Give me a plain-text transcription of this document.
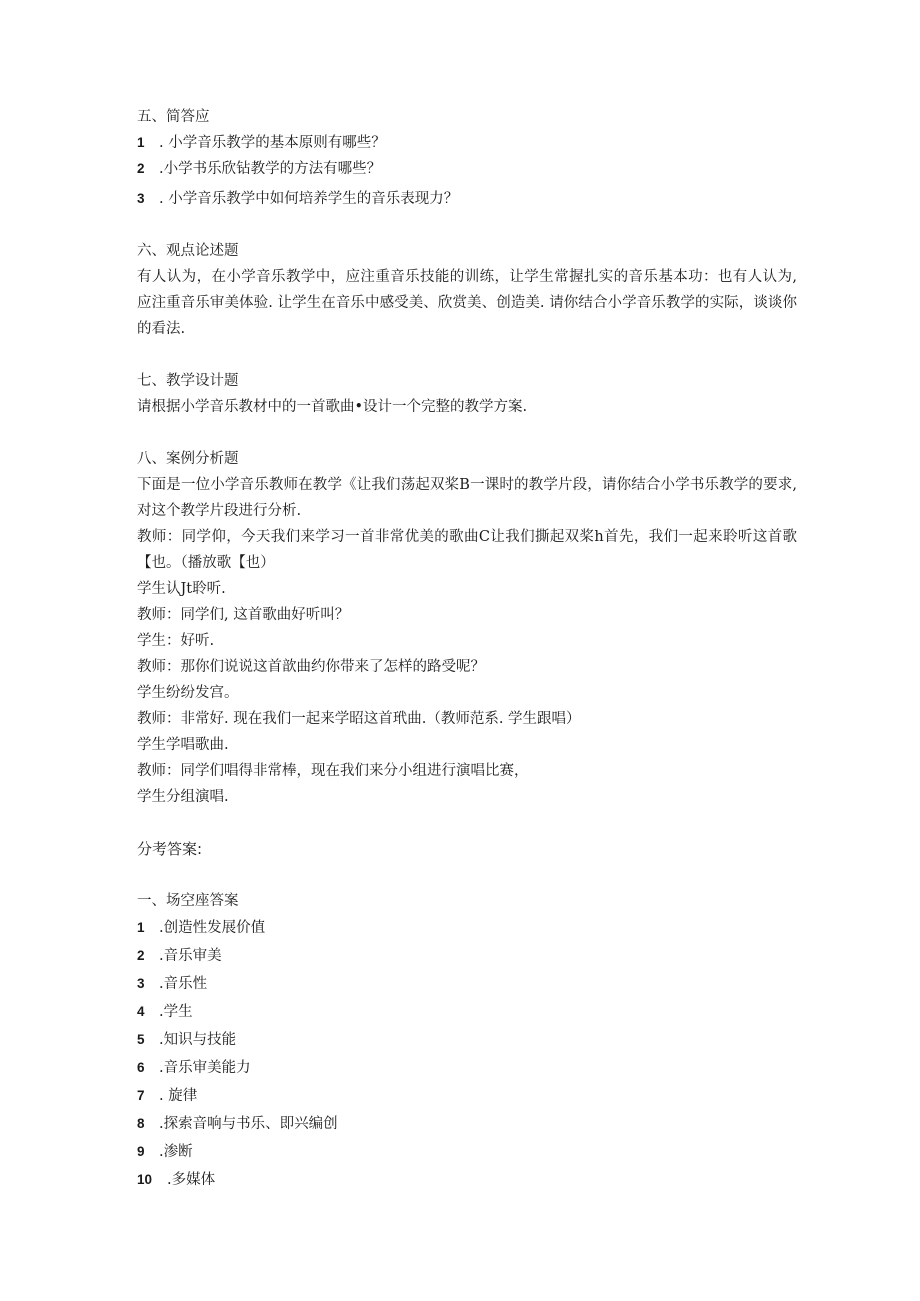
五、简答应

1 . 小学音乐教学的基本原则有哪些？

2 .小学书乐欣钻教学的方法有哪些？

3 . 小学音乐教学中如何培养学生的音乐表现力？

六、观点论述题

有人认为，在小学音乐教学中，应注重音乐技能的训练，让学生常握扎实的音乐基本功：也有人认为, 应注重音乐审美体验. 让学生在音乐中感受美、欣赏美、创造美. 请你结合小学音乐教学的实际，谈谈你的看法.

七、教学设计题

请根据小学音乐教材中的一首歌曲•设计一个完整的教学方案.

八、案例分析题

下面是一位小学音乐教师在教学《让我们荡起双桨B一课时的教学片段，请你结合小学书乐教学的要求, 对这个教学片段进行分析.

教师：同学仰，今天我们来学习一首非常优美的歌曲C让我们撕起双桨h首先，我们一起来聆听这首歌【也。（播放歌【也）

学生认Jt聆听.

教师：同学们, 这首歌曲好听叫？

学生：好听.

教师：那你们说说这首歆曲约你带来了怎样的路受呢？

学生纷纷发宫。

教师：非常好. 现在我们一起来学昭这首玳曲.（教师范系. 学生跟唱）

学生学唱歌曲.

教师：同学们唱得非常棒，现在我们来分小组进行演唱比赛，

学生分组演唱.

分考答案:

一、场空座答案

1 .创造性发展价值

2 .音乐审美

3 .音乐性

4 .学生

5 .知识与技能

6 .音乐审美能力

7 . 旋律

8 .探索音响与书乐、即兴编创

9 .渗断

10 .多媒体
